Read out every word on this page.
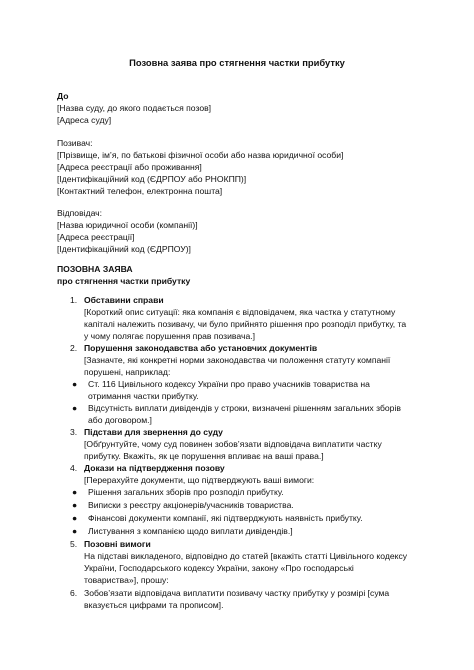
Позовна заява про стягнення частки прибутку
До
[Назва суду, до якого подається позов]
[Адреса суду]
Позивач:
[Прізвище, ім’я, по батькові фізичної особи або назва юридичної особи]
[Адреса реєстрації або проживання]
[Ідентифікаційний код (ЄДРПОУ або РНОКПП)]
[Контактний телефон, електронна пошта]
Відповідач:
[Назва юридичної особи (компанії)]
[Адреса реєстрації]
[Ідентифікаційний код (ЄДРПОУ)]
ПОЗОВНА ЗАЯВА
про стягнення частки прибутку
1. Обставини справи
[Короткий опис ситуації: яка компанія є відповідачем, яка частка у статутному
капіталі належить позивачу, чи було прийнято рішення про розподіл прибутку, та
у чому полягає порушення прав позивача.]
2. Порушення законодавства або установчих документів
[Зазначте, які конкретні норми законодавства чи положення статуту компанії
порушені, наприклад:
● Ст. 116 Цивільного кодексу України про право учасників товариства на
отримання частки прибутку.
● Відсутність виплати дивідендів у строки, визначені рішенням загальних зборів
або договором.]
3. Підстави для звернення до суду
[Обґрунтуйте, чому суд повинен зобов’язати відповідача виплатити частку
прибутку. Вкажіть, як це порушення впливає на ваші права.]
4. Докази на підтвердження позову
[Перерахуйте документи, що підтверджують ваші вимоги:
● Рішення загальних зборів про розподіл прибутку.
● Виписки з реєстру акціонерів/учасників товариства.
● Фінансові документи компанії, які підтверджують наявність прибутку.
● Листування з компанією щодо виплати дивідендів.]
5. Позовні вимоги
На підставі викладеного, відповідно до статей [вкажіть статті Цивільного кодексу
України, Господарського кодексу України, закону «Про господарські
товариства»], прошу:
6. Зобов’язати відповідача виплатити позивачу частку прибутку у розмірі [сума
вказується цифрами та прописом].
